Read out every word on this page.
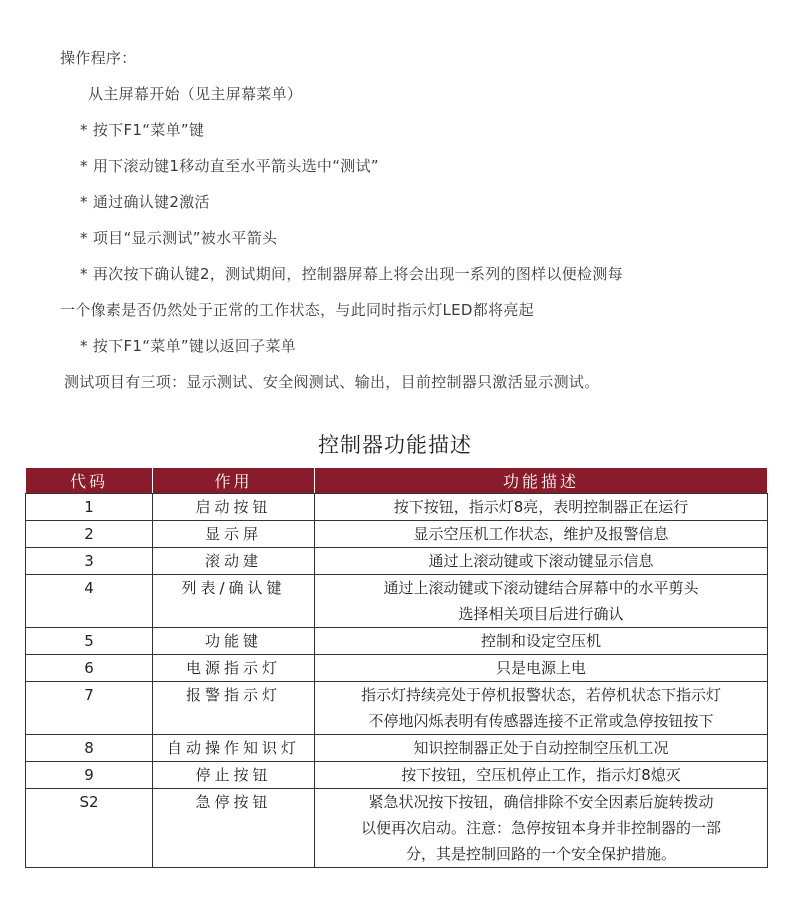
操作程序：
从主屏幕开始（见主屏幕菜单）
* 按下F1“菜单”键
* 用下滚动键1移动直至水平箭头选中“测试”
* 通过确认键2激活
* 项目“显示测试”被水平箭头
* 再次按下确认键2，测试期间，控制器屏幕上将会出现一系列的图样以便检测每
一个像素是否仍然处于正常的工作状态，与此同时指示灯LED都将亮起
* 按下F1“菜单”键以返回子菜单
测试项目有三项：显示测试、安全阀测试、输出，目前控制器只激活显示测试。
控制器功能描述
代码	作用	功能描述
1	启动按钮	按下按钮，指示灯8亮，表明控制器正在运行

2	显示屏	显示空压机工作状态，维护及报警信息

3	滚动建	通过上滚动键或下滚动键显示信息

4	列表/确认键	通过上滚动键或下滚动键结合屏幕中的水平剪头
选择相关项目后进行确认

5	功能键	控制和设定空压机

6	电源指示灯	只是电源上电

7	报警指示灯	指示灯持续亮处于停机报警状态，若停机状态下指示灯
不停地闪烁表明有传感器连接不正常或急停按钮按下

8	自动操作知识灯	知识控制器正处于自动控制空压机工况

9	停止按钮	按下按钮，空压机停止工作，指示灯8熄灭

S2	急停按钮	紧急状况按下按钮，确信排除不安全因素后旋转拨动
以便再次启动。注意：急停按钮本身并非控制器的一部
分，其是控制回路的一个安全保护措施。
